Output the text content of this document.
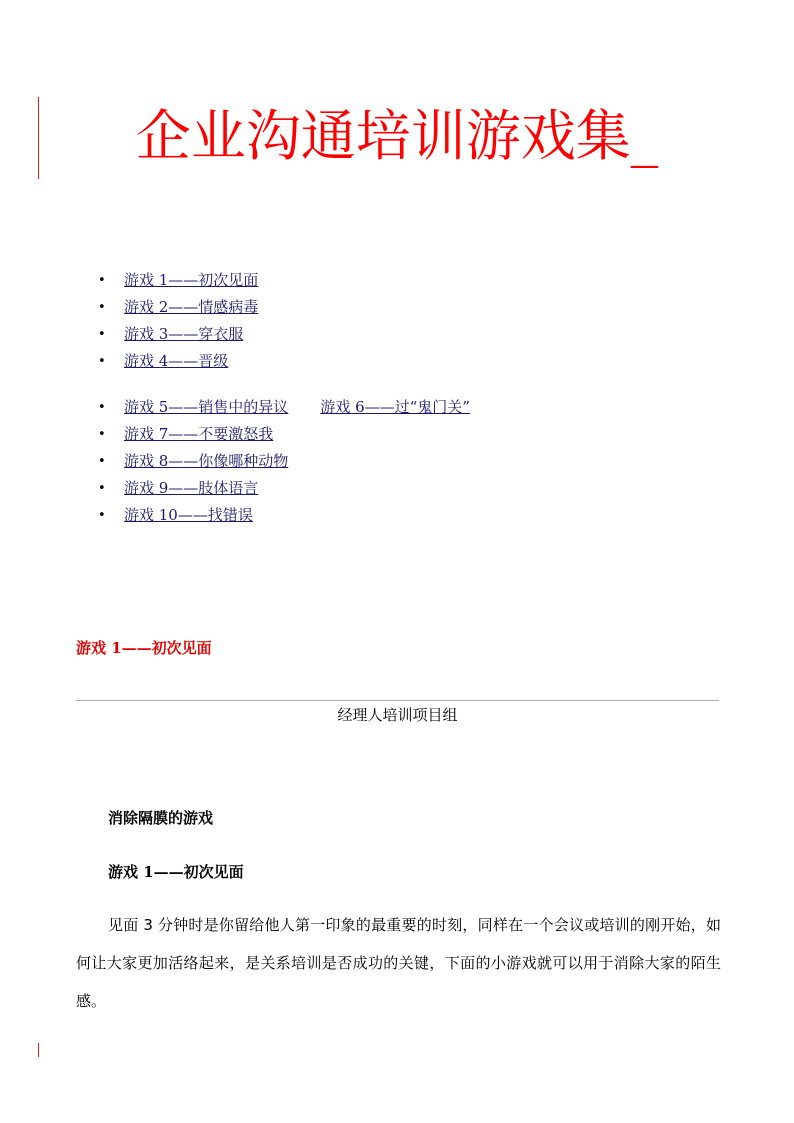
企业沟通培训游戏集_
• 游戏 1——初次见面
• 游戏 2——情感病毒
• 游戏 3——穿衣服
• 游戏 4——晋级
• 游戏 5——销售中的异议 游戏 6——过“鬼门关”
• 游戏 7——不要激怒我
• 游戏 8——你像哪种动物
• 游戏 9——肢体语言
• 游戏 10——找错误
游戏 1——初次见面
经理人培训项目组
消除隔膜的游戏
游戏 1——初次见面
见面 3 分钟时是你留给他人第一印象的最重要的时刻，同样在一个会议或培训的刚开始，如何让大家更加活络起来，是关系培训是否成功的关键，下面的小游戏就可以用于消除大家的陌生感。
